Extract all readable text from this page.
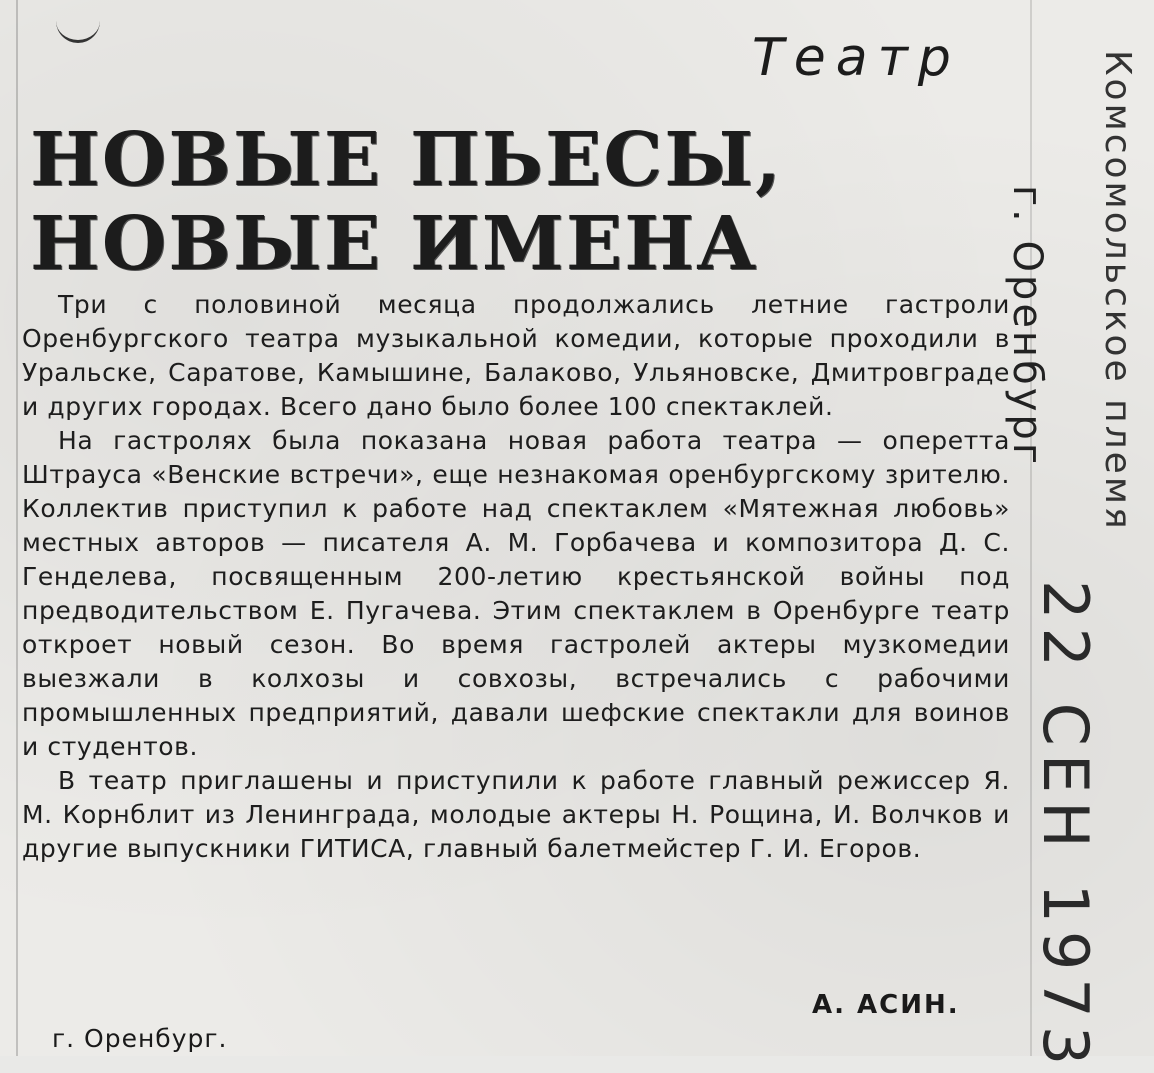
Театр
НОВЫЕ ПЬЕСЫ,
НОВЫЕ ИМЕНА

Три с половиной месяца продолжались летние гастроли Оренбургского театра музыкальной комедии, которые проходили в Уральске, Саратове, Камышине, Балаково, Ульяновске, Дмитровграде и других городах. Всего дано было более 100 спектаклей.

На гастролях была показана новая работа театра — оперетта Штрауса «Венские встречи», еще незнакомая оренбургскому зрителю. Коллектив приступил к работе над спектаклем «Мятежная любовь» местных авторов — писателя А. М. Горбачева и композитора Д. С. Генделева, посвященным 200-летию крестьянской войны под предводительством Е. Пугачева. Этим спектаклем в Оренбурге театр откроет новый сезон. Во время гастролей актеры музкомедии выезжали в колхозы и совхозы, встречались с рабочими промышленных предприятий, давали шефские спектакли для воинов и студентов.

В театр приглашены и приступили к работе главный режиссер Я. М. Корнблит из Ленинграда, молодые актеры Н. Рощина, И. Волчков и другие выпускники ГИТИСА, главный балетмейстер Г. И. Егоров.

А. АСИН.
г. Оренбург.
г. Оренбург Комсомольское племя
22 СЕН 1973
